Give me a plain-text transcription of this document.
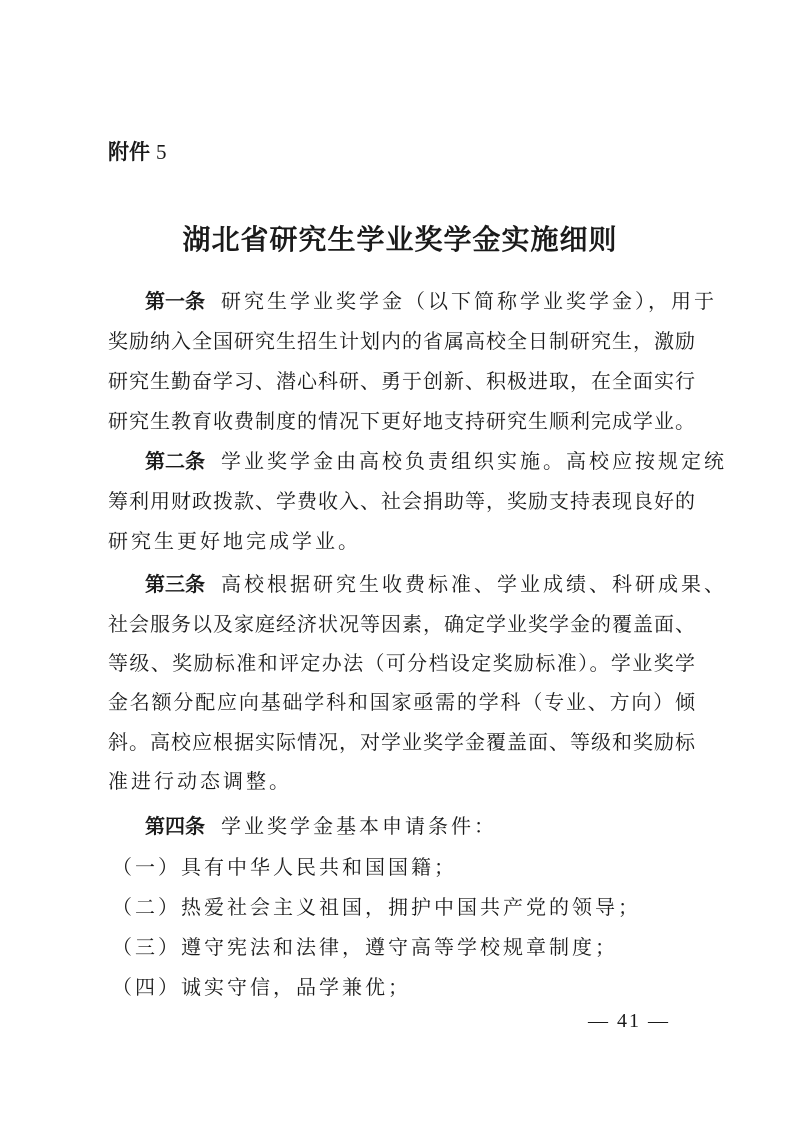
附件 5
湖北省研究生学业奖学金实施细则
第一条 研究生学业奖学金（以下简称学业奖学金），用于
奖励纳入全国研究生招生计划内的省属高校全日制研究生，激励
研究生勤奋学习、潜心科研、勇于创新、积极进取，在全面实行
研究生教育收费制度的情况下更好地支持研究生顺利完成学业。
第二条 学业奖学金由高校负责组织实施。高校应按规定统
筹利用财政拨款、学费收入、社会捐助等，奖励支持表现良好的
研究生更好地完成学业。
第三条 高校根据研究生收费标准、学业成绩、科研成果、
社会服务以及家庭经济状况等因素，确定学业奖学金的覆盖面、
等级、奖励标准和评定办法（可分档设定奖励标准）。学业奖学
金名额分配应向基础学科和国家亟需的学科（专业、方向）倾
斜。高校应根据实际情况，对学业奖学金覆盖面、等级和奖励标
准进行动态调整。
第四条 学业奖学金基本申请条件：
（一）具有中华人民共和国国籍；
（二）热爱社会主义祖国，拥护中国共产党的领导；
（三）遵守宪法和法律，遵守高等学校规章制度；
（四）诚实守信，品学兼优；
— 41 —
